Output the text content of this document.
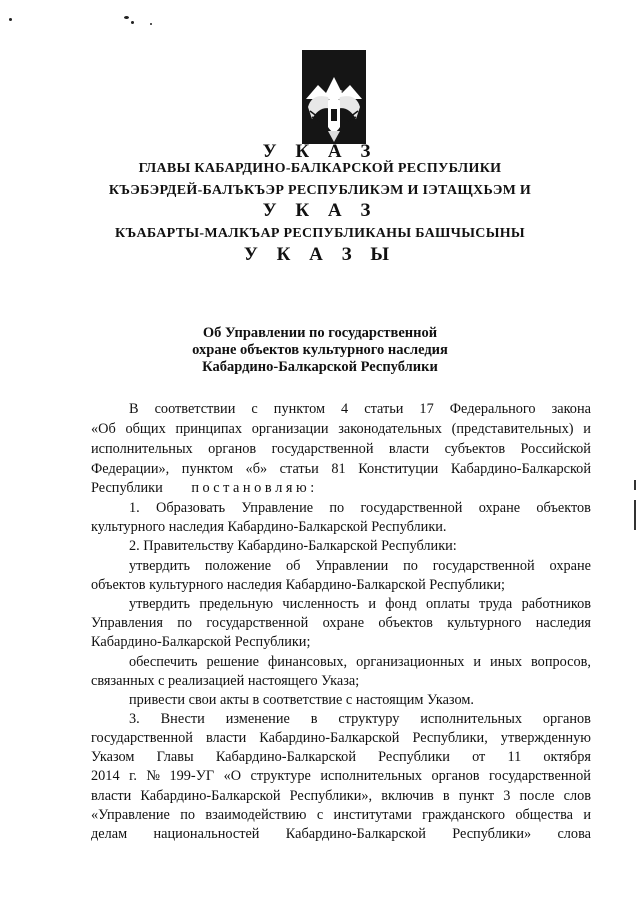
У К А З
ГЛАВЫ КАБАРДИНО-БАЛКАРСКОЙ РЕСПУБЛИКИ
КЪЭБЭРДЕЙ-БАЛЪКЪЭР РЕСПУБЛИКЭМ И ІЭТАЩХЬЭМ И
У К А З
КЪАБАРТЫ-МАЛКЪАР РЕСПУБЛИКАНЫ БАШЧЫСЫНЫ
У К А З Ы
Об Управлении по государственной
охране объектов культурного наследия
Кабардино-Балкарской Республики
В соответствии с пунктом 4 статьи 17 Федерального закона
«Об общих принципах организации законодательных (представительных) и
исполнительных органов государственной власти субъектов Российской
Федерации», пунктом «б» статьи 81 Конституции Кабардино-Балкарской
Республики        п о с т а н о в л я ю :
1. Образовать Управление по государственной охране объектов
культурного наследия Кабардино-Балкарской Республики.
2. Правительству Кабардино-Балкарской Республики:
утвердить положение об Управлении по государственной охране
объектов культурного наследия Кабардино-Балкарской Республики;
утвердить предельную численность и фонд оплаты труда работников
Управления по государственной охране объектов культурного наследия
Кабардино-Балкарской Республики;
обеспечить решение финансовых, организационных и иных вопросов,
связанных с реализацией настоящего Указа;
привести свои акты в соответствие с настоящим Указом.
3. Внести изменение в структуру исполнительных органов
государственной власти Кабардино-Балкарской Республики, утвержденную
Указом Главы Кабардино-Балкарской Республики от 11 октября
2014 г. № 199-УГ «О структуре исполнительных органов государственной
власти Кабардино-Балкарской Республики», включив в пункт 3 после слов
«Управление по взаимодействию с институтами гражданского общества и
делам национальностей Кабардино-Балкарской Республики» слова
